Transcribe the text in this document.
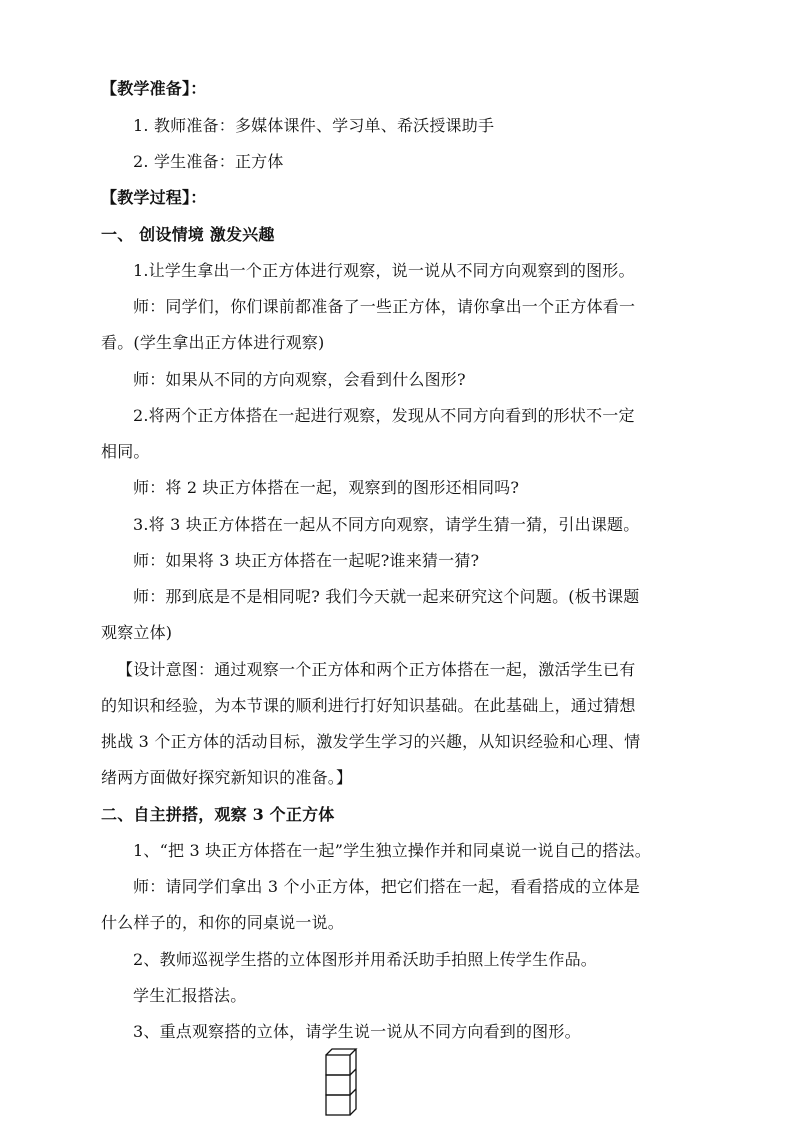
【教学准备】：
1. 教师准备：多媒体课件、学习单、希沃授课助手
2. 学生准备：正方体
【教学过程】：
一、 创设情境 激发兴趣
1.让学生拿出一个正方体进行观察，说一说从不同方向观察到的图形。
师：同学们，你们课前都准备了一些正方体，请你拿出一个正方体看一
看。(学生拿出正方体进行观察)
师：如果从不同的方向观察，会看到什么图形?
2.将两个正方体搭在一起进行观察，发现从不同方向看到的形状不一定
相同。
师：将 2 块正方体搭在一起，观察到的图形还相同吗?
3.将 3 块正方体搭在一起从不同方向观察，请学生猜一猜，引出课题。
师：如果将 3 块正方体搭在一起呢?谁来猜一猜?
师：那到底是不是相同呢? 我们今天就一起来研究这个问题。(板书课题
观察立体)
【设计意图：通过观察一个正方体和两个正方体搭在一起，激活学生已有
的知识和经验，为本节课的顺利进行打好知识基础。在此基础上，通过猜想
挑战 3 个正方体的活动目标，激发学生学习的兴趣，从知识经验和心理、情
绪两方面做好探究新知识的准备。】
二、自主拼搭，观察 3 个正方体
1、“把 3 块正方体搭在一起”学生独立操作并和同桌说一说自己的搭法。
师：请同学们拿出 3 个小正方体，把它们搭在一起，看看搭成的立体是
什么样子的，和你的同桌说一说。
2、教师巡视学生搭的立体图形并用希沃助手拍照上传学生作品。
学生汇报搭法。
3、重点观察搭的立体，请学生说一说从不同方向看到的图形。
